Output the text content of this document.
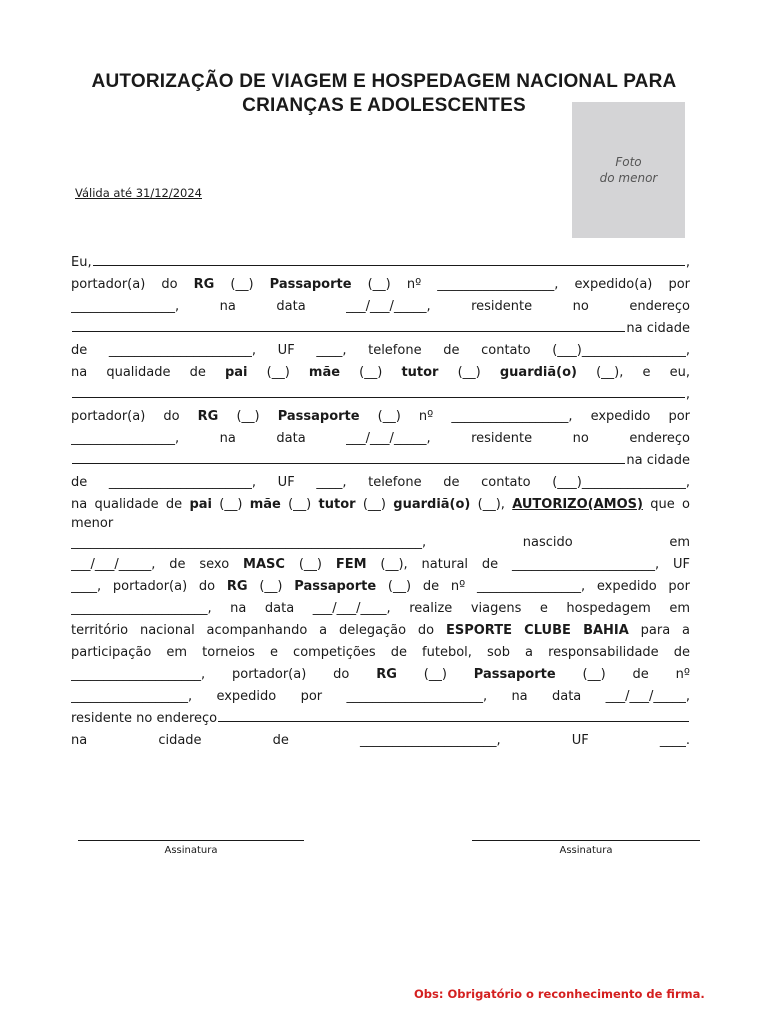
AUTORIZAÇÃO DE VIAGEM E HOSPEDAGEM NACIONAL PARA
CRIANÇAS E ADOLESCENTES
Foto
do menor
Válida até 31/12/2024
Eu,	,
portador(a) do RG (__) Passaporte (__) nº __________________, expedido(a) por
________________, na data ___/___/_____, residente no endereço
na cidade
de ______________________, UF ____, telefone de contato (___)________________,
na qualidade de pai (__) mãe (__) tutor (__) guardiã(o) (__), e eu,
,
portador(a) do RG (__) Passaporte (__) nº __________________, expedido por
________________, na data ___/___/_____, residente no endereço
na cidade
de ______________________, UF ____, telefone de contato (___)________________,
na qualidade de pai (__) mãe (__) tutor (__) guardiã(o) (__), AUTORIZO(AMOS) que o
menor
______________________________________________________, nascido em
___/___/_____, de sexo MASC (__) FEM (__), natural de ______________________, UF
____, portador(a) do RG (__) Passaporte (__) de nº ________________, expedido por
_____________________, na data ___/___/____, realize viagens e hospedagem em
território nacional acompanhando a delegação do ESPORTE CLUBE BAHIA para a
participação em torneios e competições de futebol, sob a responsabilidade de
____________________, portador(a) do RG (__) Passaporte (__) de nº
__________________, expedido por _____________________, na data ___/___/_____,
residente no endereço
na cidade de _____________________, UF ____.
Assinatura	Assinatura
Obs: Obrigatório o reconhecimento de firma.
